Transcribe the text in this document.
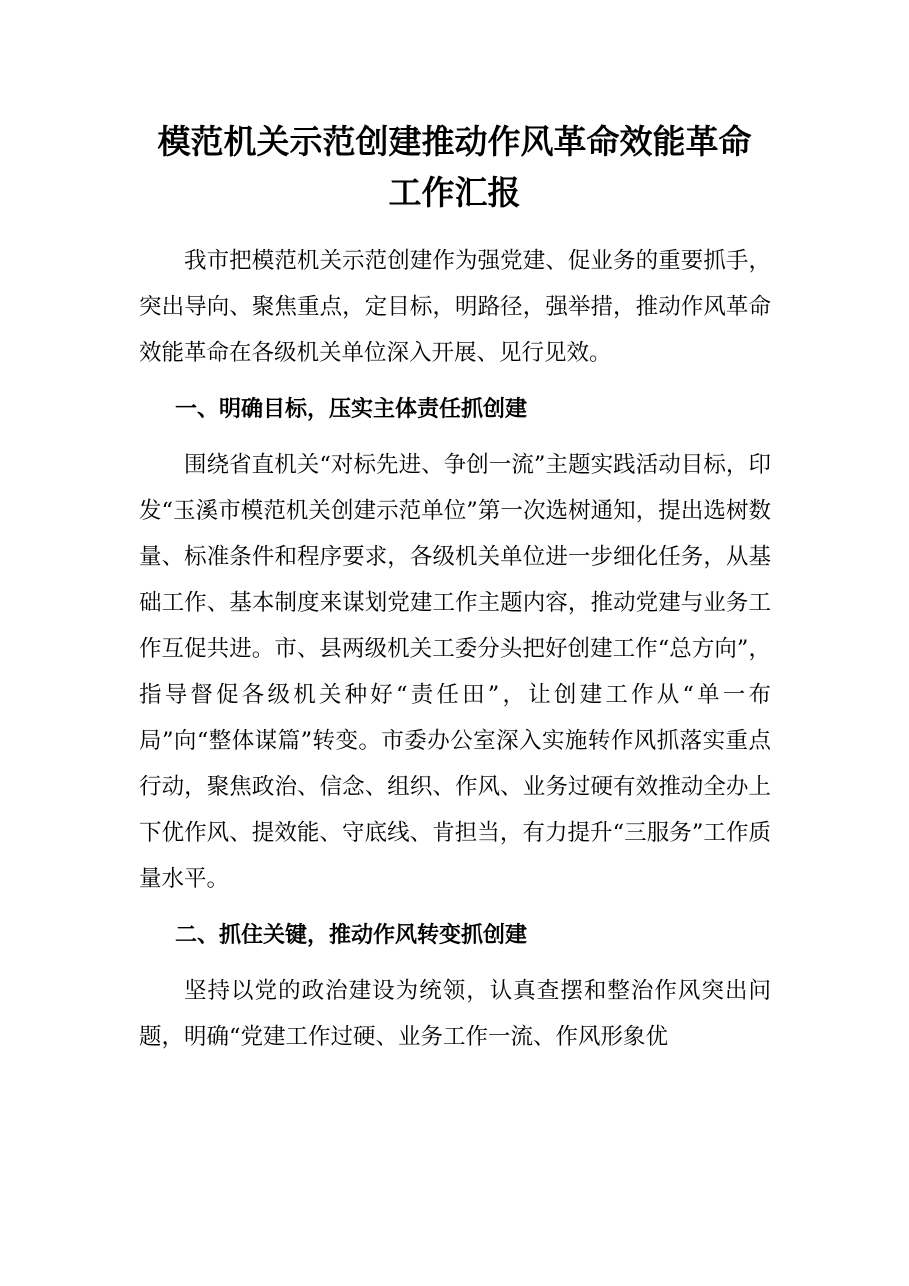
模范机关示范创建推动作风革命效能革命
工作汇报

我市把模范机关示范创建作为强党建、促业务的重要抓手，突出导向、聚焦重点，定目标，明路径，强举措，推动作风革命效能革命在各级机关单位深入开展、见行见效。

一、明确目标，压实主体责任抓创建

围绕省直机关“对标先进、争创一流”主题实践活动目标，印发“玉溪市模范机关创建示范单位”第一次选树通知，提出选树数量、标准条件和程序要求，各级机关单位进一步细化任务，从基础工作、基本制度来谋划党建工作主题内容，推动党建与业务工作互促共进。市、县两级机关工委分头把好创建工作“总方向”，指导督促各级机关种好“责任田”，让创建工作从“单一布局”向“整体谋篇”转变。市委办公室深入实施转作风抓落实重点行动，聚焦政治、信念、组织、作风、业务过硬有效推动全办上下优作风、提效能、守底线、肯担当，有力提升“三服务”工作质量水平。

二、抓住关键，推动作风转变抓创建

坚持以党的政治建设为统领，认真查摆和整治作风突出问题，明确“党建工作过硬、业务工作一流、作风形象优
